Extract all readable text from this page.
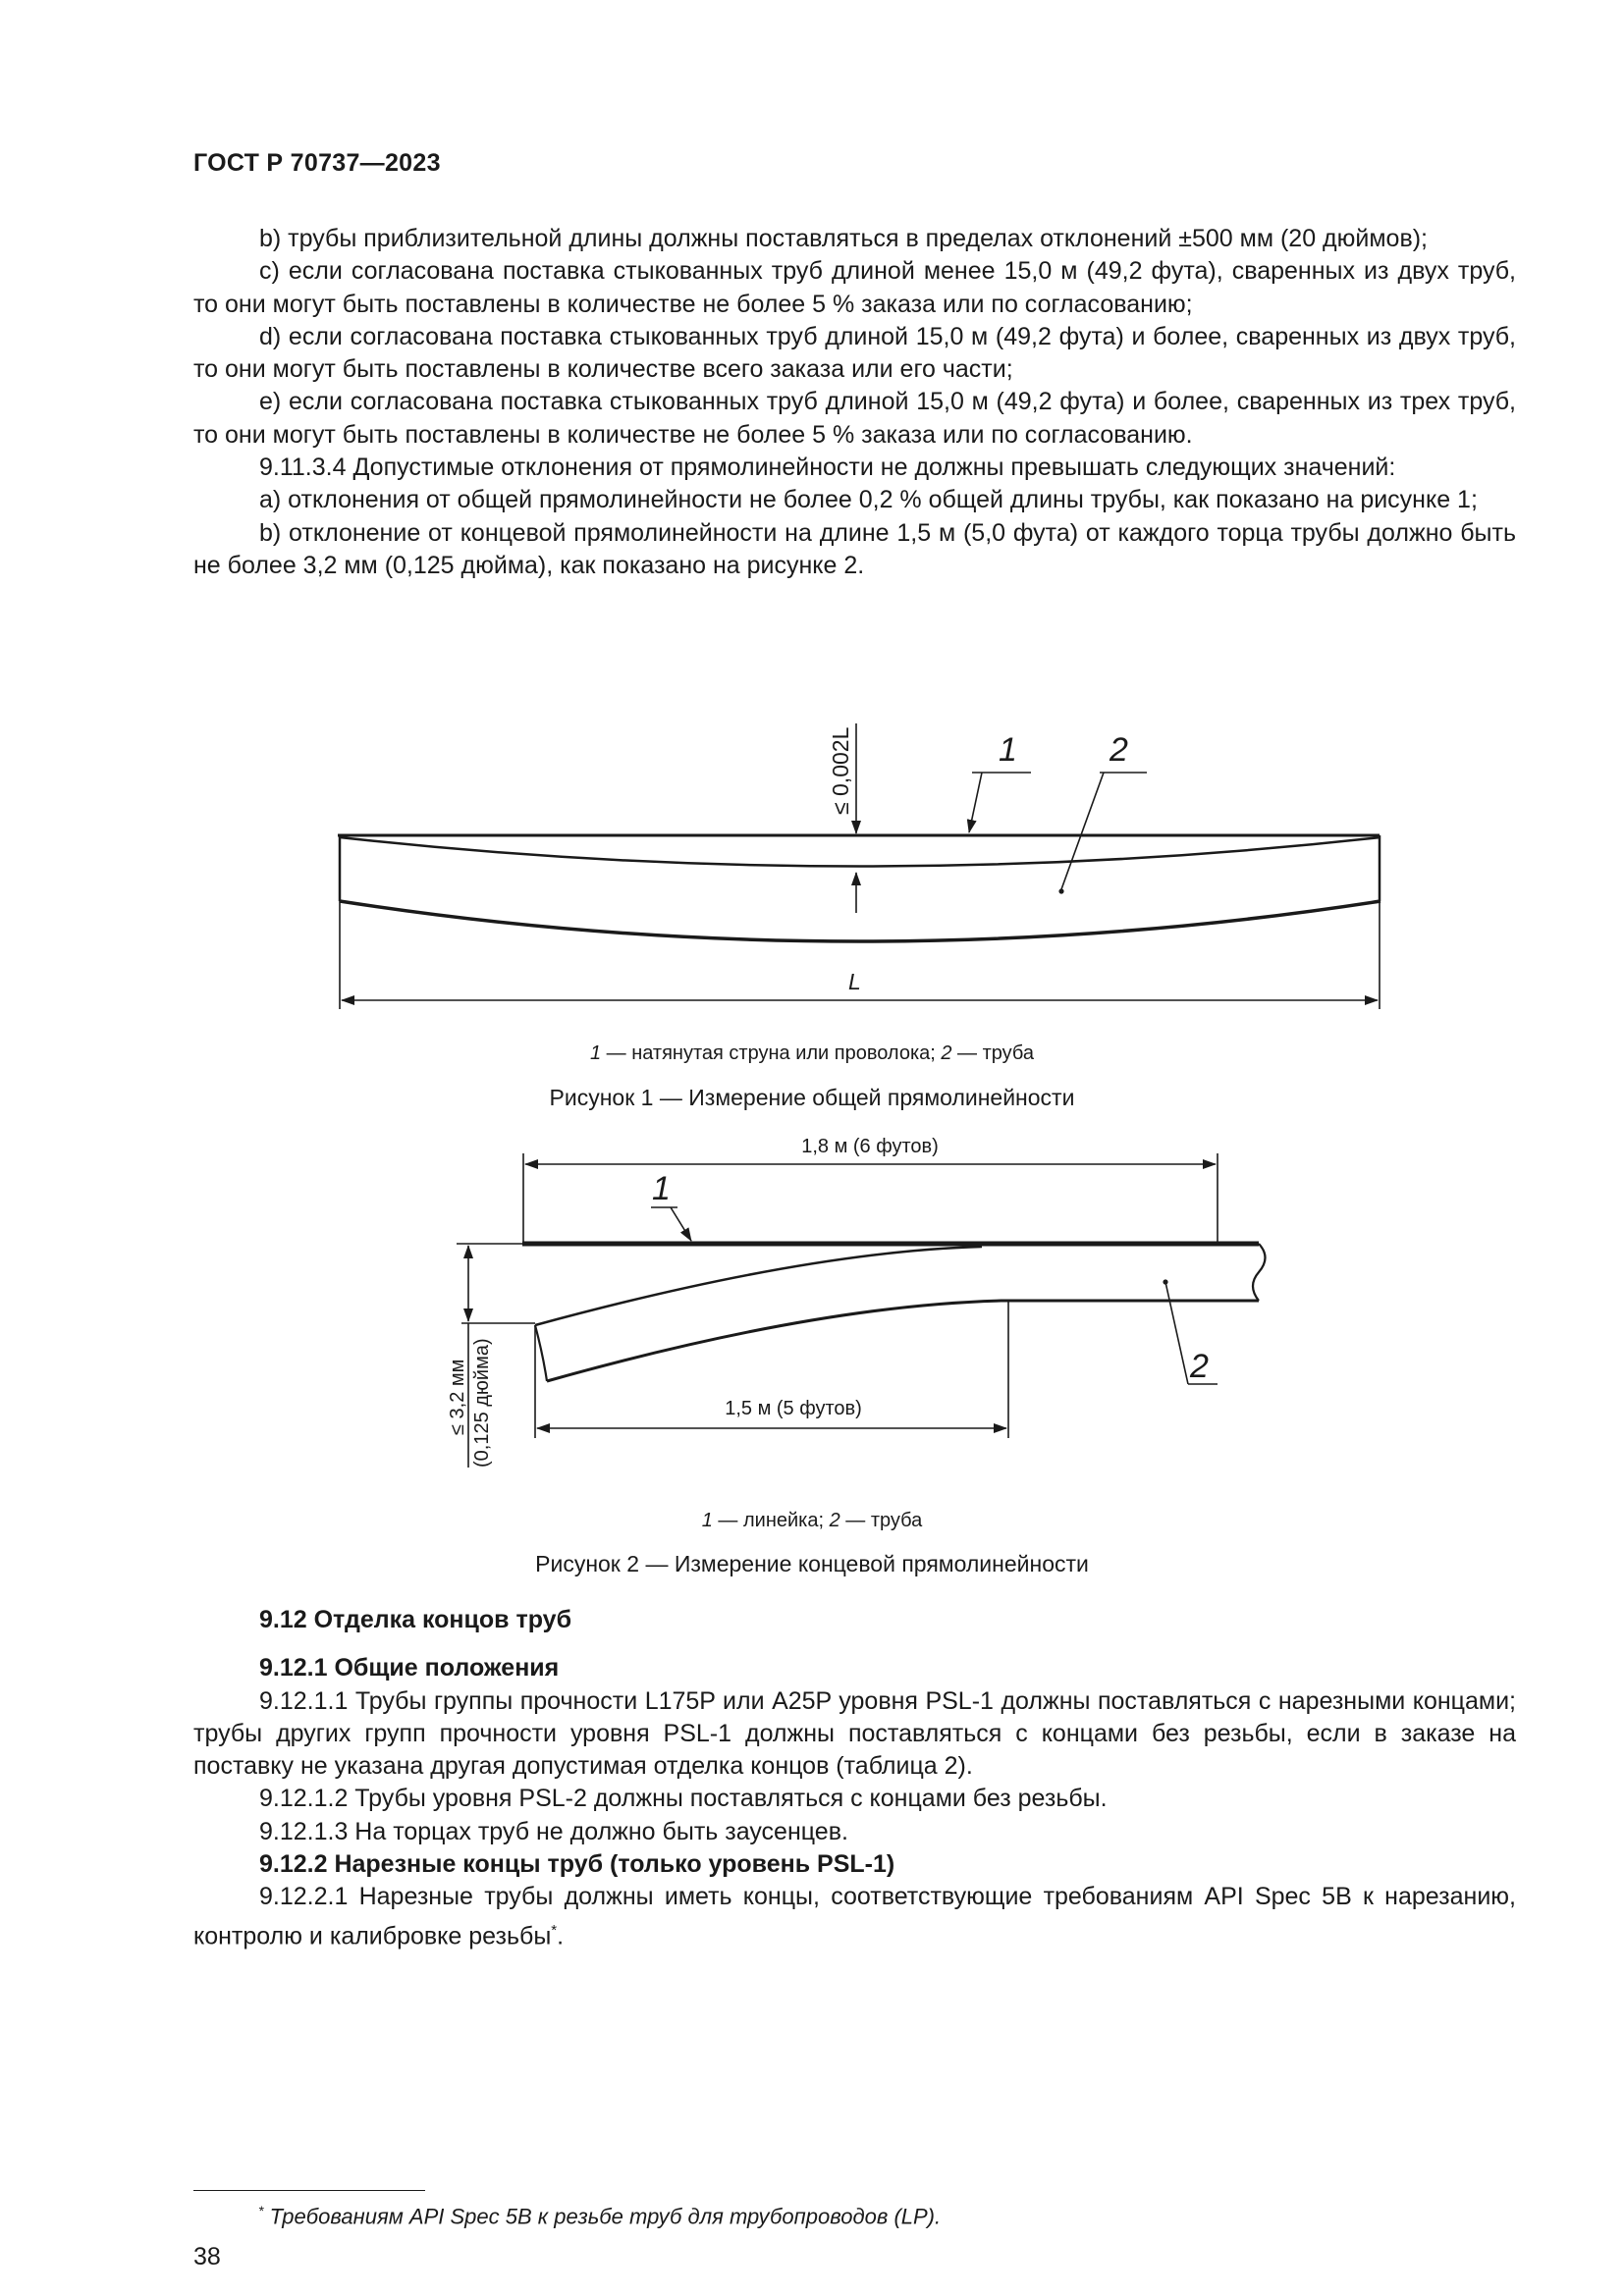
ГОСТ Р 70737—2023

b) трубы приблизительной длины должны поставляться в пределах отклонений ±500 мм (20 дюймов);

c) если согласована поставка стыкованных труб длиной менее 15,0 м (49,2 фута), сваренных из двух труб, то они могут быть поставлены в количестве не более 5 % заказа или по согласованию;

d) если согласована поставка стыкованных труб длиной 15,0 м (49,2 фута) и более, сваренных из двух труб, то они могут быть поставлены в количестве всего заказа или его части;

e) если согласована поставка стыкованных труб длиной 15,0 м (49,2 фута) и более, сваренных из трех труб, то они могут быть поставлены в количестве не более 5 % заказа или по согласованию.

9.11.3.4 Допустимые отклонения от прямолинейности не должны превышать следующих значений:

a) отклонения от общей прямолинейности не более 0,2 % общей длины трубы, как показано на рисунке 1;

b) отклонение от концевой прямолинейности на длине 1,5 м (5,0 фута) от каждого торца трубы должно быть не более 3,2 мм (0,125 дюйма), как показано на рисунке 2.

≤ 0,002L	1	2
L
1 — натянутая струна или проволока; 2 — труба
Рисунок 1 — Измерение общей прямолинейности
1,8 м (6 футов)
≤ 3,2 мм (0,125 дюйма)	1,5 м (5 футов)
1
2
1 — линейка; 2 — труба
Рисунок 2 — Измерение концевой прямолинейности

9.12 Отделка концов труб

9.12.1 Общие положения

9.12.1.1 Трубы группы прочности L175P или A25P уровня PSL-1 должны поставляться с нарезными концами; трубы других групп прочности уровня PSL-1 должны поставляться с концами без резьбы, если в заказе на поставку не указана другая допустимая отделка концов (таблица 2).

9.12.1.2 Трубы уровня PSL-2 должны поставляться с концами без резьбы.

9.12.1.3 На торцах труб не должно быть заусенцев.

9.12.2 Нарезные концы труб (только уровень PSL-1)

9.12.2.1 Нарезные трубы должны иметь концы, соответствующие требованиям API Spec 5B к нарезанию, контролю и калибровке резьбы*.

* Требованиям API Spec 5B к резьбе труб для трубопроводов (LP).
38
